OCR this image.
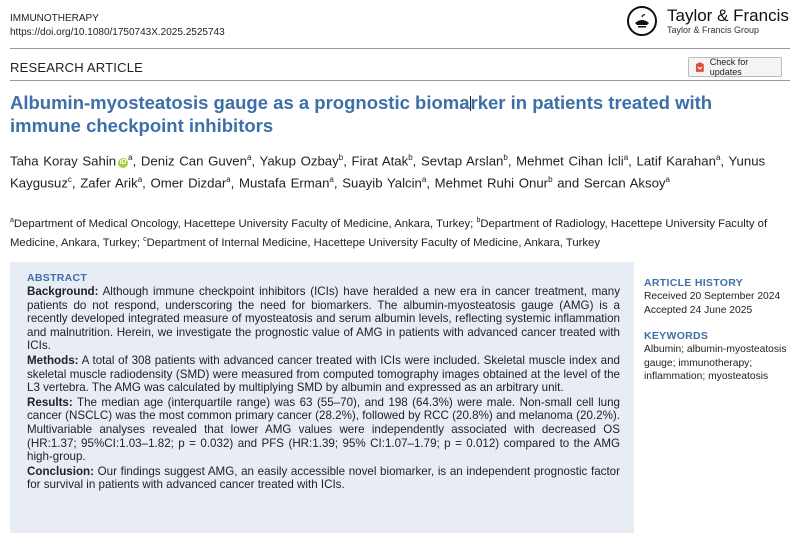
IMMUNOTHERAPY
https://doi.org/10.1080/1750743X.2025.2525743
Taylor & Francis
Taylor & Francis Group
RESEARCH ARTICLE	Check for updates
Albumin-myosteatosis gauge as a prognostic biomarker in patients treated with immune checkpoint inhibitors
Taha Koray Sahin $iD^a$, Deniz Can Guven$^a$, Yakup Ozbay$^b$, Firat Atak$^b$, Sevtap Arslan$^b$, Mehmet Cihan İcli$^a$, Latif Karahan$^a$, Yunus Kaygusuz$^c$, Zafer Arik$^a$, Omer Dizdar$^a$, Mustafa Erman$^a$, Suayib Yalcin$^a$, Mehmet Ruhi Onur$^b$ and Sercan Aksoy$^a$
$^a$Department of Medical Oncology, Hacettepe University Faculty of Medicine, Ankara, Turkey; $^b$Department of Radiology, Hacettepe University Faculty of Medicine, Ankara, Turkey; $^c$Department of Internal Medicine, Hacettepe University Faculty of Medicine, Ankara, Turkey
ABSTRACT

Background: Although immune checkpoint inhibitors (ICIs) have heralded a new era in cancer treatment, many patients do not respond, underscoring the need for biomarkers. The albumin-myosteatosis gauge (AMG) is a recently developed integrated measure of myosteatosis and serum albumin levels, reflecting systemic inflammation and malnutrition. Herein, we investigate the prognostic value of AMG in patients with advanced cancer treated with ICIs.

Methods: A total of 308 patients with advanced cancer treated with ICIs were included. Skeletal muscle index and skeletal muscle radiodensity (SMD) were measured from computed tomography images obtained at the level of the L3 vertebra. The AMG was calculated by multiplying SMD by albumin and expressed as an arbitrary unit.

Results: The median age (interquartile range) was 63 (55–70), and 198 (64.3%) were male. Non-small cell lung cancer (NSCLC) was the most common primary cancer (28.2%), followed by RCC (20.8%) and melanoma (20.2%). Multivariable analyses revealed that lower AMG values were independently associated with decreased OS (HR:1.37; 95%CI:1.03–1.82; p = 0.032) and PFS (HR:1.39; 95% CI:1.07–1.79; p = 0.012) compared to the AMG high-group.

Conclusion: Our findings suggest AMG, an easily accessible novel biomarker, is an independent prognostic factor for survival in patients with advanced cancer treated with ICIs.

ARTICLE HISTORY
Received 20 September 2024
Accepted 24 June 2025
KEYWORDS
Albumin; albumin-myosteatosis gauge; immunotherapy; inflammation; myosteatosis
